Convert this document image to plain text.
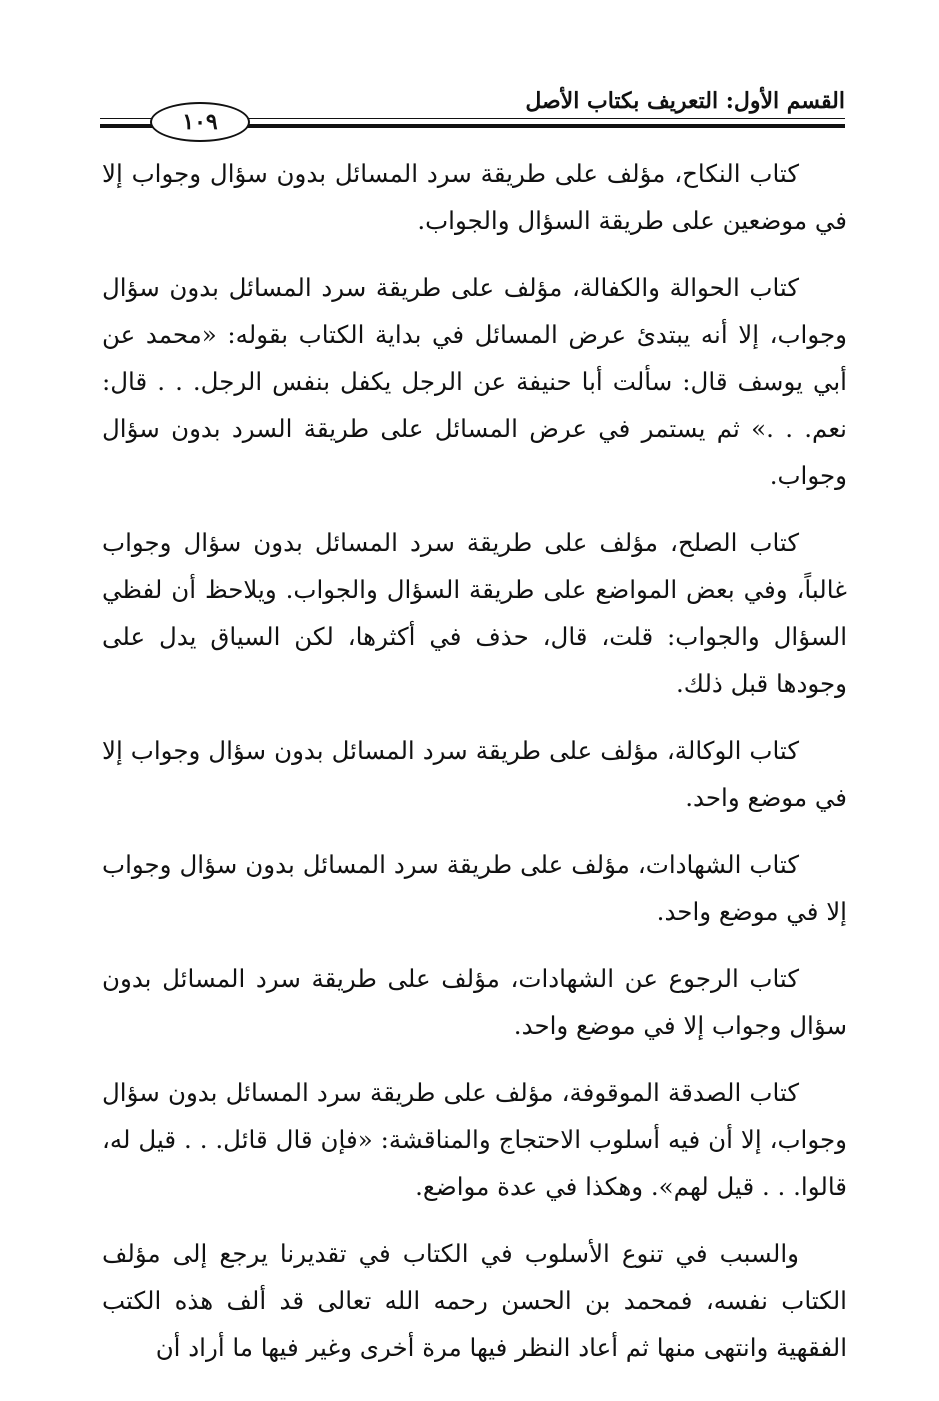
القسم الأول: التعريف بكتاب الأصل
١٠٩

كتاب النكاح، مؤلف على طريقة سرد المسائل بدون سؤال وجواب إلا في موضعين على طريقة السؤال والجواب.

كتاب الحوالة والكفالة، مؤلف على طريقة سرد المسائل بدون سؤال وجواب، إلا أنه يبتدئ عرض المسائل في بداية الكتاب بقوله: «محمد عن أبي يوسف قال: سألت أبا حنيفة عن الرجل يكفل بنفس الرجل. . . قال: نعم. . .» ثم يستمر في عرض المسائل على طريقة السرد بدون سؤال وجواب.

كتاب الصلح، مؤلف على طريقة سرد المسائل بدون سؤال وجواب غالباً، وفي بعض المواضع على طريقة السؤال والجواب. ويلاحظ أن لفظي السؤال والجواب: قلت، قال، حذف في أكثرها، لكن السياق يدل على وجودها قبل ذلك.

كتاب الوكالة، مؤلف على طريقة سرد المسائل بدون سؤال وجواب إلا في موضع واحد.

كتاب الشهادات، مؤلف على طريقة سرد المسائل بدون سؤال وجواب إلا في موضع واحد.

كتاب الرجوع عن الشهادات، مؤلف على طريقة سرد المسائل بدون سؤال وجواب إلا في موضع واحد.

كتاب الصدقة الموقوفة، مؤلف على طريقة سرد المسائل بدون سؤال وجواب، إلا أن فيه أسلوب الاحتجاج والمناقشة: «فإن قال قائل. . . قيل له، قالوا. . . قيل لهم». وهكذا في عدة مواضع.

والسبب في تنوع الأسلوب في الكتاب في تقديرنا يرجع إلى مؤلف الكتاب نفسه، فمحمد بن الحسن رحمه الله تعالى قد ألف هذه الكتب الفقهية وانتهى منها ثم أعاد النظر فيها مرة أخرى وغير فيها ما أراد أن
